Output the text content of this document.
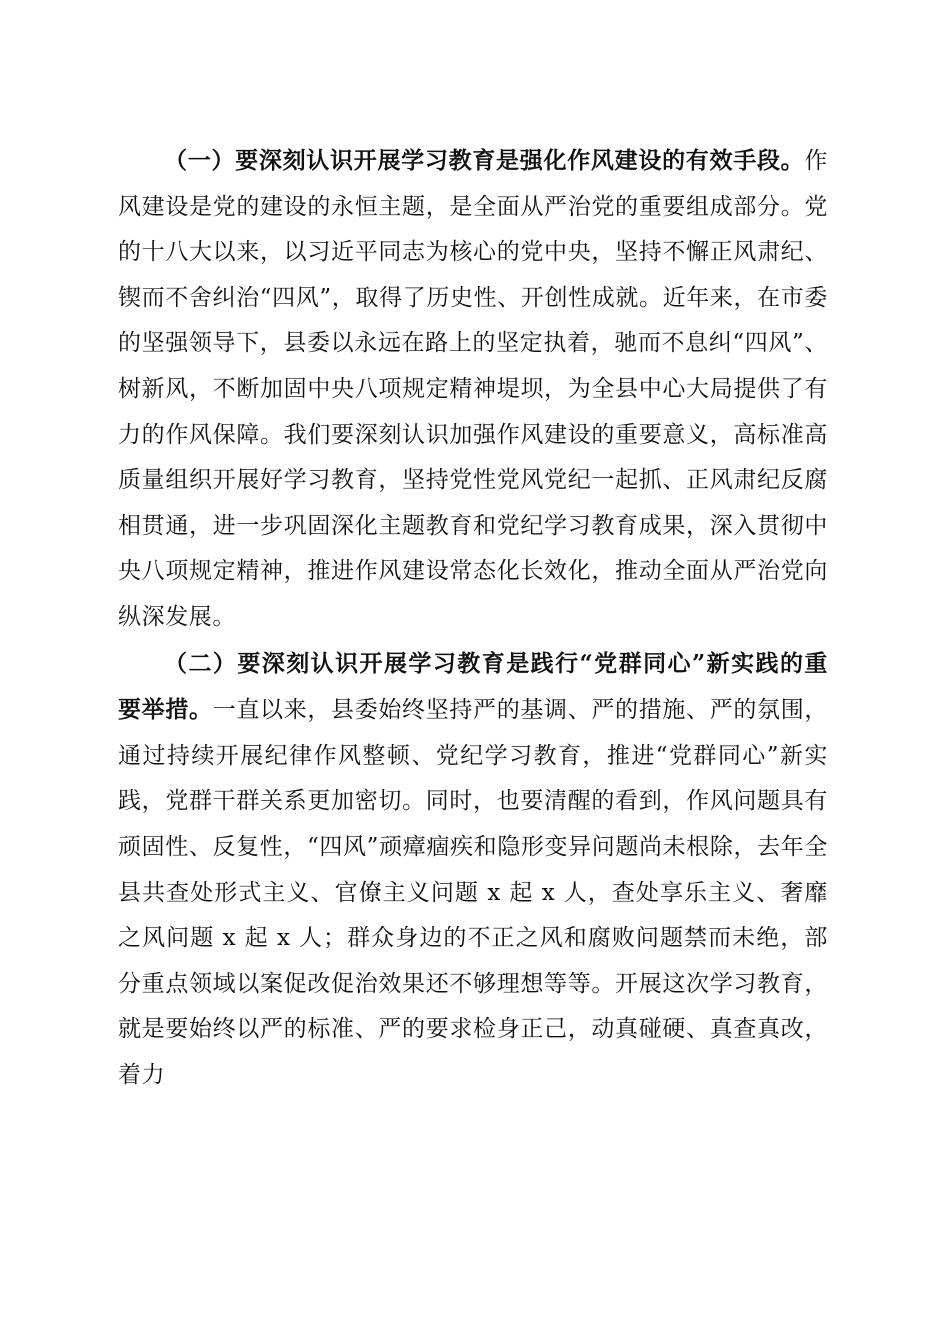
（一）要深刻认识开展学习教育是强化作风建设的有效手段。作风建设是党的建设的永恒主题，是全面从严治党的重要组成部分。党的十八大以来，以习近平同志为核心的党中央，坚持不懈正风肃纪、锲而不舍纠治“四风”，取得了历史性、开创性成就。近年来，在市委的坚强领导下，县委以永远在路上的坚定执着，驰而不息纠“四风”、树新风，不断加固中央八项规定精神堤坝，为全县中心大局提供了有力的作风保障。我们要深刻认识加强作风建设的重要意义，高标准高质量组织开展好学习教育，坚持党性党风党纪一起抓、正风肃纪反腐相贯通，进一步巩固深化主题教育和党纪学习教育成果，深入贯彻中央八项规定精神，推进作风建设常态化长效化，推动全面从严治党向纵深发展。

（二）要深刻认识开展学习教育是践行“党群同心”新实践的重要举措。一直以来，县委始终坚持严的基调、严的措施、严的氛围，通过持续开展纪律作风整顿、党纪学习教育，推进“党群同心”新实践，党群干群关系更加密切。同时，也要清醒的看到，作风问题具有顽固性、反复性，“四风”顽瘴痼疾和隐形变异问题尚未根除，去年全县共查处形式主义、官僚主义问题 x 起 x 人，查处享乐主义、奢靡之风问题 x 起 x 人；群众身边的不正之风和腐败问题禁而未绝，部分重点领域以案促改促治效果还不够理想等等。开展这次学习教育，就是要始终以严的标准、严的要求检身正己，动真碰硬、真查真改，着力
